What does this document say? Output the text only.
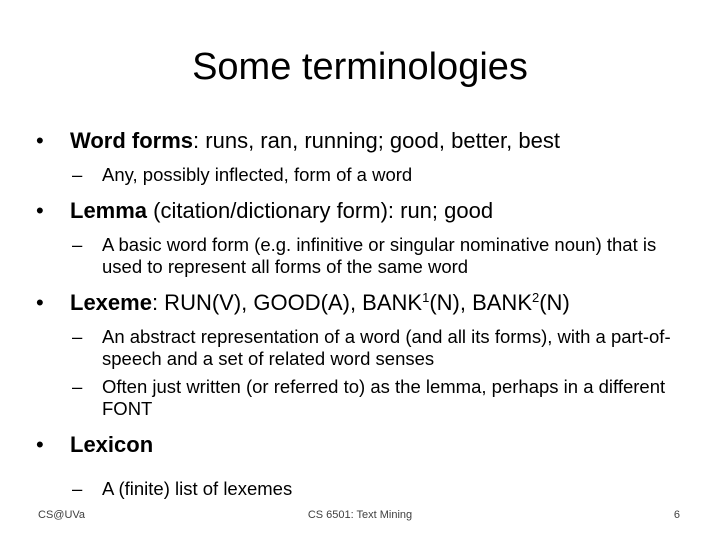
Some terminologies
• Word forms: runs, ran, running; good, better, best
– Any, possibly inflected, form of a word
• Lemma (citation/dictionary form): run; good
– A basic word form (e.g. infinitive or singular nominative noun) that is used to represent all forms of the same word
• Lexeme: RUN(V), GOOD(A), BANK$^1$(N), BANK$^2$(N)
– An abstract representation of a word (and all its forms), with a part-of-speech and a set of related word senses
– Often just written (or referred to) as the lemma, perhaps in a different FONT
• Lexicon
– A (finite) list of lexemes
CS@UVa	CS 6501: Text Mining	6
